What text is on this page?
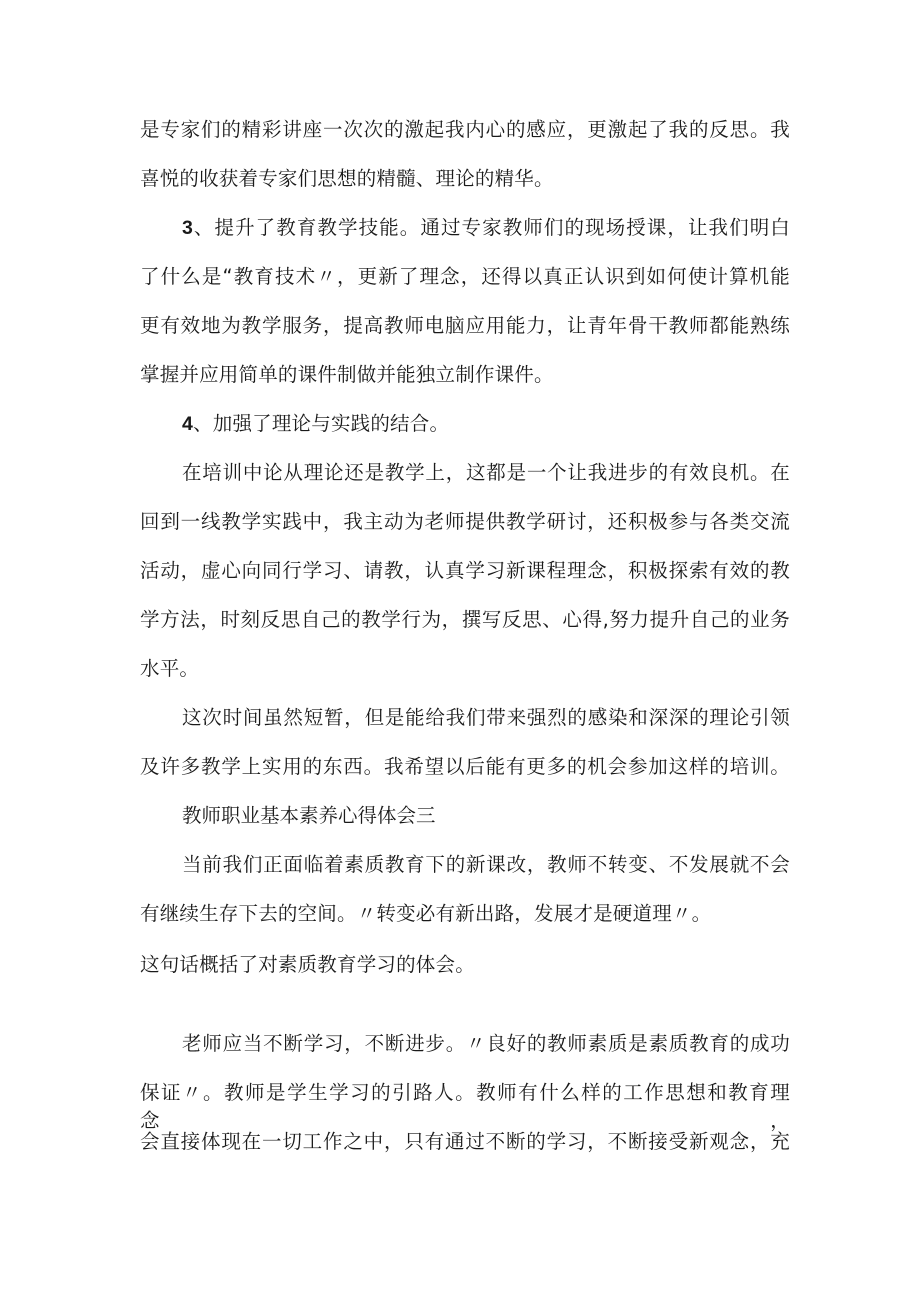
是专家们的精彩讲座一次次的激起我内心的感应，更激起了我的反思。我
喜悦的收获着专家们思想的精髓、理论的精华。
3、提升了教育教学技能。通过专家教师们的现场授课，让我们明白
了什么是“教育技术〃，更新了理念，还得以真正认识到如何使计算机能
更有效地为教学服务，提高教师电脑应用能力，让青年骨干教师都能熟练
掌握并应用简单的课件制做并能独立制作课件。
4、加强了理论与实践的结合。
在培训中论从理论还是教学上，这都是一个让我进步的有效良机。在
回到一线教学实践中，我主动为老师提供教学研讨，还积极参与各类交流
活动，虚心向同行学习、请教，认真学习新课程理念，积极探索有效的教
学方法，时刻反思自己的教学行为，撰写反思、心得,努力提升自己的业务
水平。
这次时间虽然短暂，但是能给我们带来强烈的感染和深深的理论引领
及许多教学上实用的东西。我希望以后能有更多的机会参加这样的培训。
教师职业基本素养心得体会三
当前我们正面临着素质教育下的新课改，教师不转变、不发展就不会
有继续生存下去的空间。〃转变必有新出路，发展才是硬道理〃。
这句话概括了对素质教育学习的体会。
老师应当不断学习，不断进步。〃良好的教师素质是素质教育的成功
保证〃。教师是学生学习的引路人。教师有什么样的工作思想和教育理念，
会直接体现在一切工作之中，只有通过不断的学习，不断接受新观念，充
